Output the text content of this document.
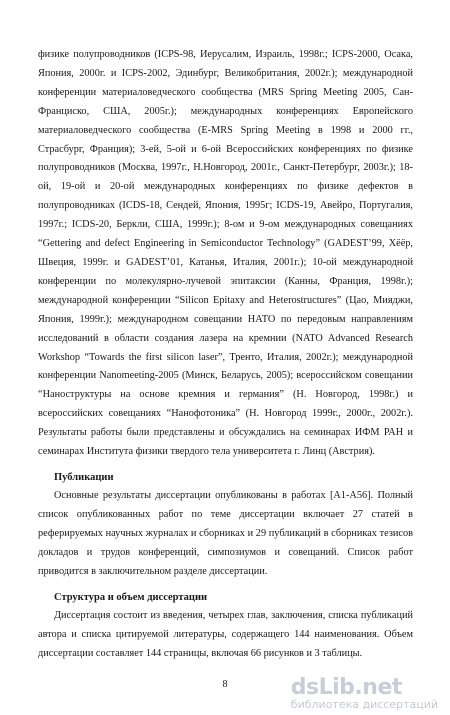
физике полупроводников (ICPS-98, Иерусалим, Израиль, 1998г.; ICPS-2000, Осака, Япония, 2000г. и ICPS-2002, Эдинбург, Великобритания, 2002г.); международной конференции материаловедческого сообщества (MRS Spring Meeting 2005, Сан-Франциско, США, 2005г.); международных конференциях Европейского материаловедческого сообщества (E-MRS Spring Meeting в 1998 и 2000 гг., Страсбург, Франция); 3-ей, 5-ой и 6-ой Всероссийских конференциях по физике полупроводников (Москва, 1997г., Н.Новгород, 2001г., Санкт-Петербург, 2003г.); 18-ой, 19-ой и 20-ой международных конференциях по физике дефектов в полупроводниках (ICDS-18, Сендей, Япония, 1995г; ICDS-19, Авейро, Португалия, 1997г.; ICDS-20, Беркли, США, 1999г.); 8-ом и 9-ом международных совещаниях “Gettering and defect Engineering in Semiconductor Technology” (GADEST’99, Хёёр, Швеция, 1999г. и GADEST’01, Катанья, Италия, 2001г.); 10-ой международной конференции по молекулярно-лучевой эпитаксии (Канны, Франция, 1998г.); международной конференции “Silicon Epitaxy and Heterostructures” (Цао, Мияджи, Япония, 1999г.); международном совещании НАТО по передовым направлениям исследований в области создания лазера на кремнии (NATO Advanced Research Workshop “Towards the first silicon laser”, Тренто, Италия, 2002г.); международной конференции Nanomeeting-2005 (Минск, Беларусь, 2005); всероссийском совещании “Наноструктуры на основе кремния и германия” (Н. Новгород, 1998г.) и всероссийских совещаниях “Нанофотоника” (Н. Новгород 1999г., 2000г., 2002г.). Результаты работы были представлены и обсуждались на семинарах ИФМ РАН и семинарах Института физики твердого тела университета г. Линц (Австрия).

Публикации

Основные результаты диссертации опубликованы в работах [A1-A56]. Полный список опубликованных работ по теме диссертации включает 27 статей в реферируемых научных журналах и сборниках и 29 публикаций в сборниках тезисов докладов и трудов конференций, симпозиумов и совещаний. Список работ приводится в заключительном разделе диссертации.

Структура и объем диссертации

Диссертация состоит из введения, четырех глав, заключения, списка публикаций автора и списка цитируемой литературы, содержащего 144 наименования. Объем диссертации составляет 144 страницы, включая 66 рисунков и 3 таблицы.

8	dsLib.net
библиотека диссертаций
